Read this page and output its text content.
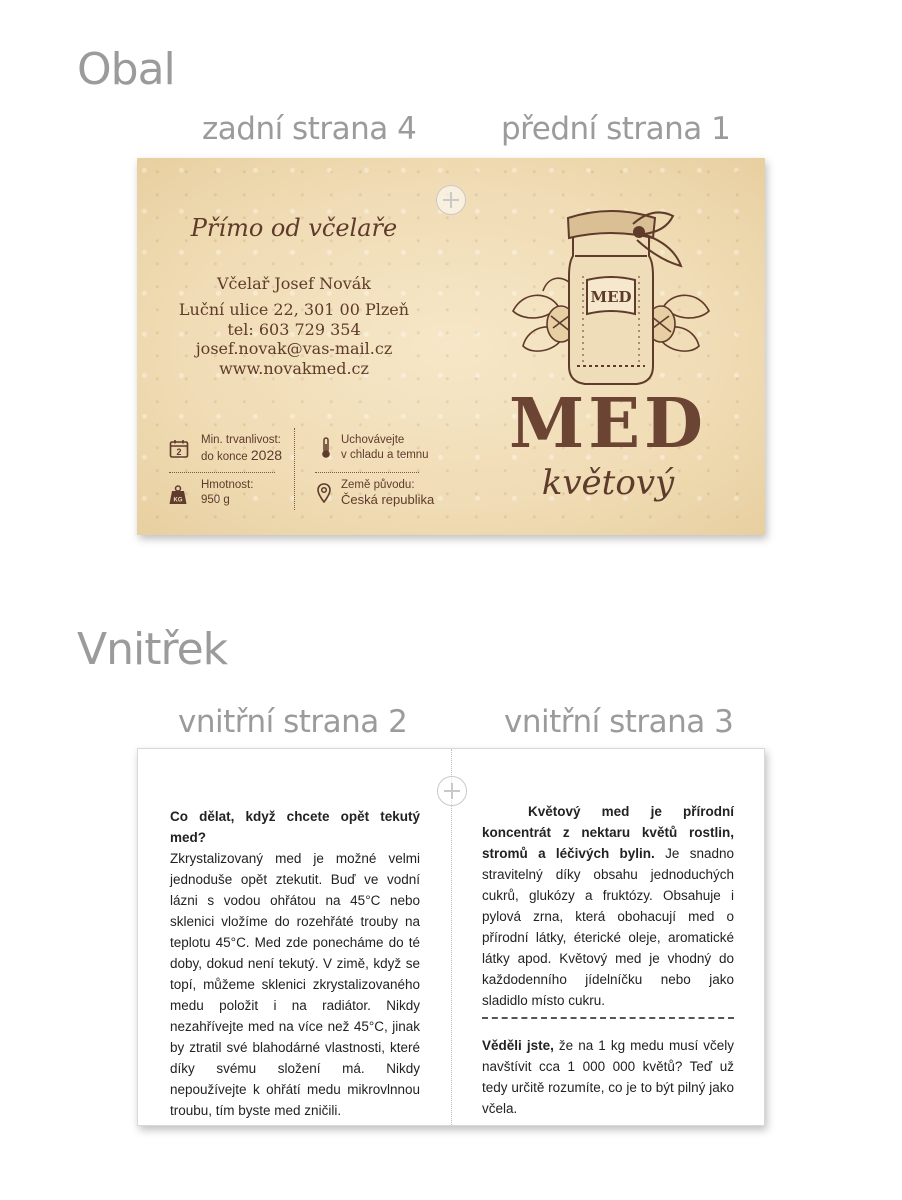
Obal
zadní strana 4	přední strana 1
Přímo od včelaře
Včelař Josef Novák
Luční ulice 22, 301 00 Plzeň
tel: 603 729 354
josef.novak@vas-mail.cz
www.novakmed.cz
2
Min. trvanlivost:
do konce 2028
Uchovávejte
v chladu a temnu
KG
Hmotnost:
950 g
Země původu:
Česká republika
MED
MED
květový
Vnitřek
vnitřní strana 2	vnitřní strana 3
Co dělat, když chcete opět tekutý med?
Zkrystalizovaný med je možné velmi jednoduše opět ztekutit. Buď ve vodní lázni s vodou ohřátou na 45°C nebo sklenici vložíme do rozehřáté trouby na teplotu 45°C. Med zde ponecháme do té doby, dokud není tekutý. V zimě, když se topí, můžeme sklenici zkrystalizovaného medu položit i na radiátor. Nikdy nezahřívejte med na více než 45°C, jinak by ztratil své blahodárné vlastnosti, které díky svému složení má. Nikdy nepoužívejte k ohřátí medu mikrovlnnou troubu, tím byste med zničili.
Květový med je přírodní koncentrát z nektaru květů rostlin, stromů a léčivých bylin. Je snadno stravitelný díky obsahu jednoduchých cukrů, glukózy a fruktózy. Obsahuje i pylová zrna, která obohacují med o přírodní látky, éterické oleje, aromatické látky apod. Květový med je vhodný do každodenního jídelníčku nebo jako sladidlo místo cukru.
Věděli jste, že na 1 kg medu musí včely navštívit cca 1 000 000 květů? Teď už tedy určitě rozumíte, co je to být pilný jako včela.
